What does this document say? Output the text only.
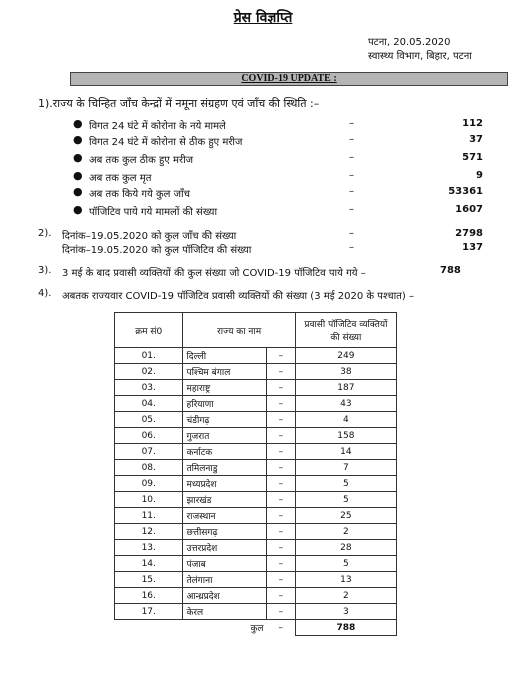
प्रेस विज्ञप्ति
पटना, 20.05.2020
स्वास्थ्य विभाग, बिहार, पटना
COVID-19 UPDATE :
1).राज्य के चिन्हित जाँच केन्द्रों में नमूना संग्रहण एवं जाँच की स्थिति :–
● विगत 24 घंटे में कोरोना के नये मामले	–	112
● विगत 24 घंटे में कोरोना से ठीक हुए मरीज	–	37
● अब तक कुल ठीक हुए मरीज	–	571
● अब तक कुल मृत	–	9
● अब तक किये गये कुल जाँच	–	53361
● पॉजिटिव पाये गये मामलों की संख्या	–	1607
2). दिनांक–19.05.2020 को कुल जाँच की संख्या	–	2798
दिनांक–19.05.2020 को कुल पॉजिटिव की संख्या	–	137
3). 3 मई के बाद प्रवासी व्यक्तियों की कुल संख्या जो COVID-19 पॉजिटिव पाये गये –	788
4). अबतक राज्यवार COVID-19 पॉजिटिव प्रवासी व्यक्तियों की संख्या (3 मई 2020 के पश्चात) –
क्रम सं0	राज्य का नाम		प्रवासी पॉजिटिव व्यक्तियों की संख्या
01.	दिल्ली	–	249
02.	पश्चिम बंगाल	–	38
03.	महाराष्ट्र	–	187
04.	हरियाणा	–	43
05.	चंडीगढ़	–	4
06.	गुजरात	–	158
07.	कर्नाटक	–	14
08.	तमिलनाडु	–	7
09.	मध्यप्रदेश	–	5
10.	झारखंड	–	5
11.	राजस्थान	–	25
12.	छत्तीसगढ़	–	2
13.	उत्तरप्रदेश	–	28
14.	पंजाब	–	5
15.	तेलंगाना	–	13
16.	आन्ध्रप्रदेश	–	2
17.	केरल	–	3
	कुल	–	788
